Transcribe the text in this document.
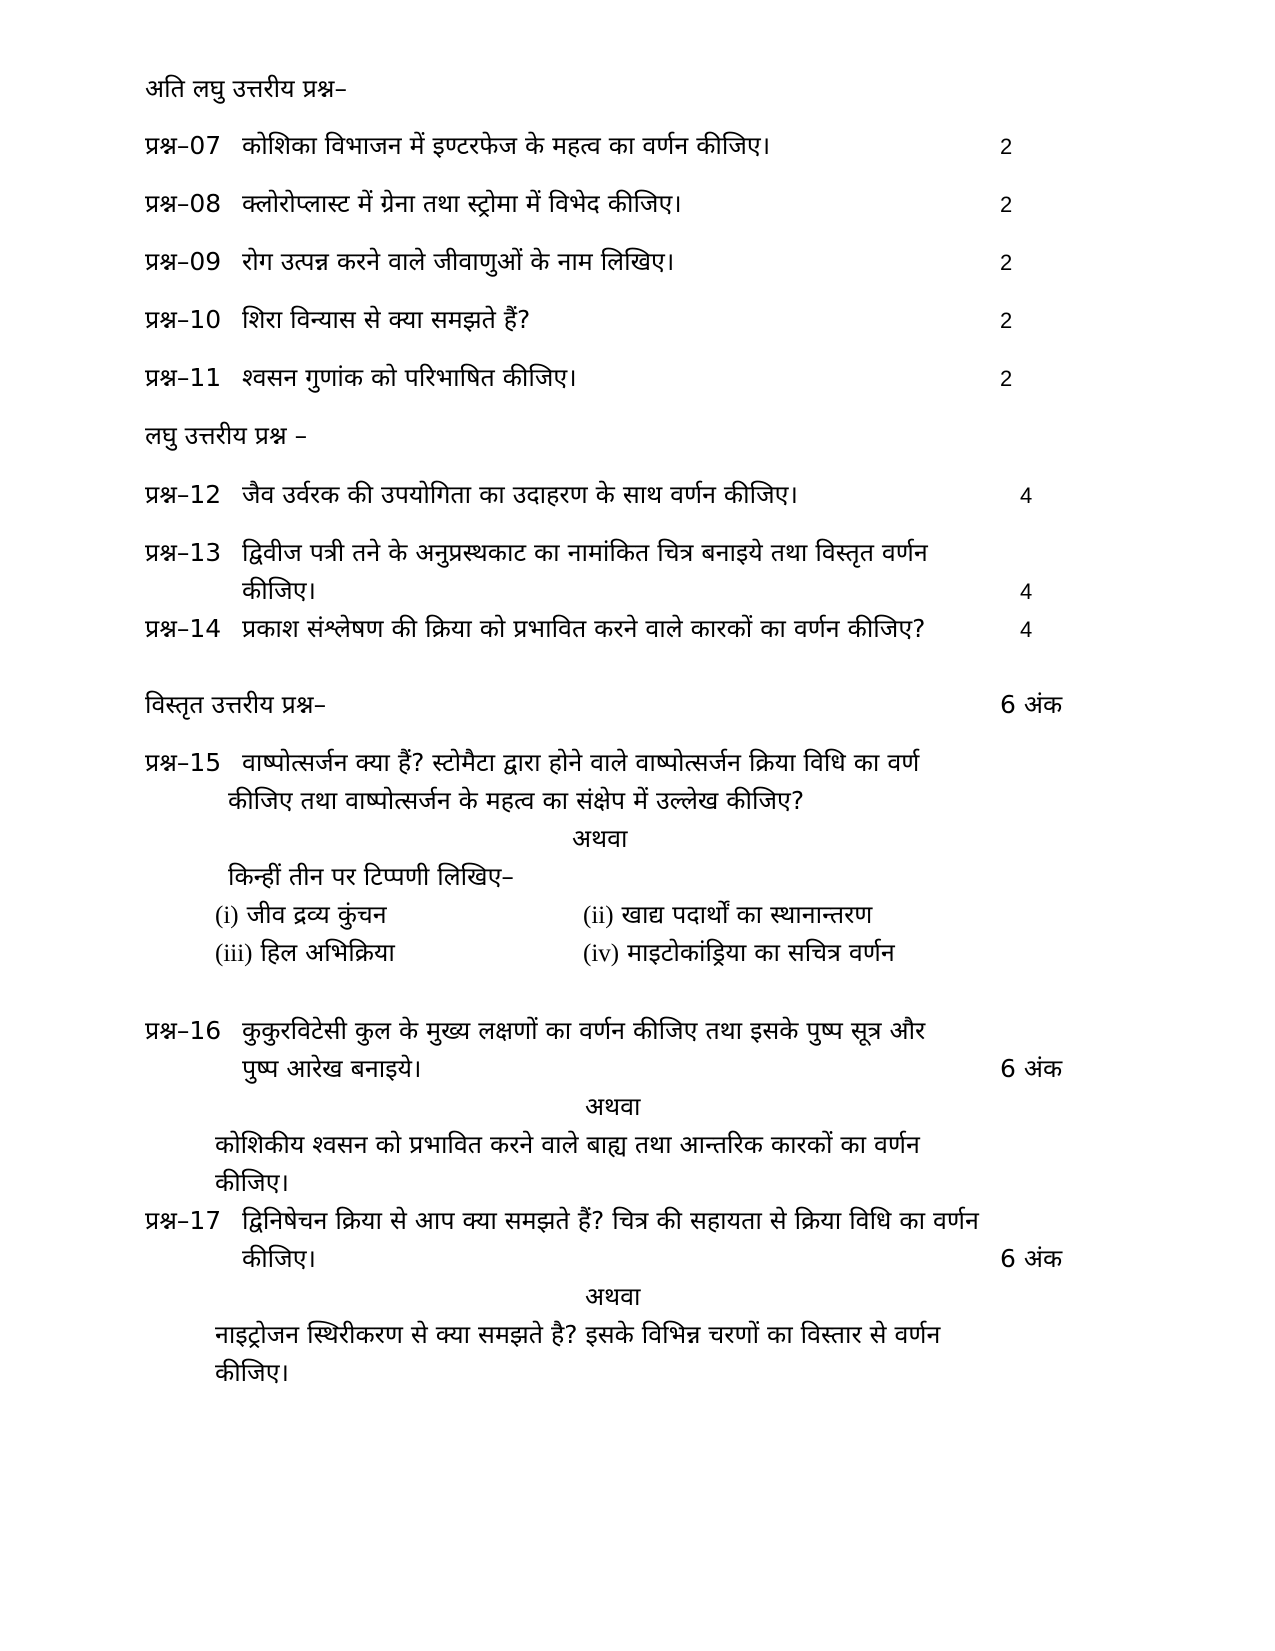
अति लघु उत्तरीय प्रश्न–
प्रश्न–07 कोशिका विभाजन में इण्टरफेज के महत्व का वर्णन कीजिए।	2
प्रश्न–08 क्लोरोप्लास्ट में ग्रेना तथा स्ट्रोमा में विभेद कीजिए।	2
प्रश्न–09 रोग उत्पन्न करने वाले जीवाणुओं के नाम लिखिए।	2
प्रश्न–10 शिरा विन्यास से क्या समझते हैं?	2
प्रश्न–11 श्वसन गुणांक को परिभाषित कीजिए।	2
लघु उत्तरीय प्रश्न –
प्रश्न–12 जैव उर्वरक की उपयोगिता का उदाहरण के साथ वर्णन कीजिए।	4
प्रश्न–13 द्विवीज पत्री तने के अनुप्रस्थकाट का नामांकित चित्र बनाइये तथा विस्तृत वर्णन
कीजिए।	4
प्रश्न–14 प्रकाश संश्लेषण की क्रिया को प्रभावित करने वाले कारकों का वर्णन कीजिए?	4
विस्तृत उत्तरीय प्रश्न–	6 अंक
प्रश्न–15 वाष्पोत्सर्जन क्या हैं? स्टोमैटा द्वारा होने वाले वाष्पोत्सर्जन क्रिया विधि का वर्ण
कीजिए तथा वाष्पोत्सर्जन के महत्व का संक्षेप में उल्लेख कीजिए?
अथवा
किन्हीं तीन पर टिप्पणी लिखिए–
(i) जीव द्रव्य कुंचन	(ii) खाद्य पदार्थों का स्थानान्तरण
(iii) हिल अभिक्रिया	(iv) माइटोकांड्रिया का सचित्र वर्णन
प्रश्न–16 कुकुरविटेसी कुल के मुख्य लक्षणों का वर्णन कीजिए तथा इसके पुष्प सूत्र और
पुष्प आरेख बनाइये।	6 अंक
अथवा
कोशिकीय श्वसन को प्रभावित करने वाले बाह्य तथा आन्तरिक कारकों का वर्णन
कीजिए।
प्रश्न–17 द्विनिषेचन क्रिया से आप क्या समझते हैं? चित्र की सहायता से क्रिया विधि का वर्णन
कीजिए।	6 अंक
अथवा
नाइट्रोजन स्थिरीकरण से क्या समझते है? इसके विभिन्न चरणों का विस्तार से वर्णन
कीजिए।
